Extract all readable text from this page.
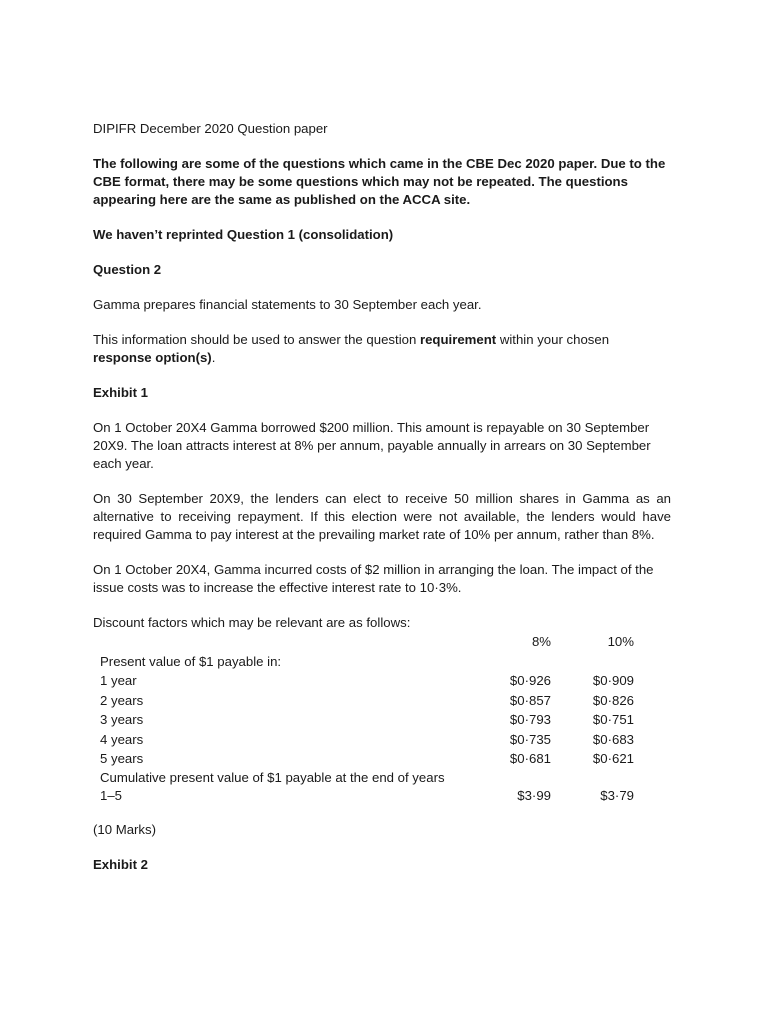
DIPIFR December 2020 Question paper

The following are some of the questions which came in the CBE Dec 2020 paper. Due to the CBE format, there may be some questions which may not be repeated. The questions appearing here are the same as published on the ACCA site.

We haven’t reprinted Question 1 (consolidation)

Question 2

Gamma prepares financial statements to 30 September each year.

This information should be used to answer the question requirement within your chosen response option(s).

Exhibit 1

On 1 October 20X4 Gamma borrowed $200 million. This amount is repayable on 30 September 20X9. The loan attracts interest at 8% per annum, payable annually in arrears on 30 September each year.

On 30 September 20X9, the lenders can elect to receive 50 million shares in Gamma as an alternative to receiving repayment. If this election were not available, the lenders would have required Gamma to pay interest at the prevailing market rate of 10% per annum, rather than 8%.

On 1 October 20X4, Gamma incurred costs of $2 million in arranging the loan. The impact of the issue costs was to increase the effective interest rate to 10·3%.

Discount factors which may be relevant are as follows:

8%	10%
Present value of $1 payable in:
1 year	$0·926	$0·909
2 years	$0·857	$0·826
3 years	$0·793	$0·751
4 years	$0·735	$0·683
5 years	$0·681	$0·621
Cumulative present value of $1 payable at the end of years
1–5	$3·99	$3·79

(10 Marks)

Exhibit 2
